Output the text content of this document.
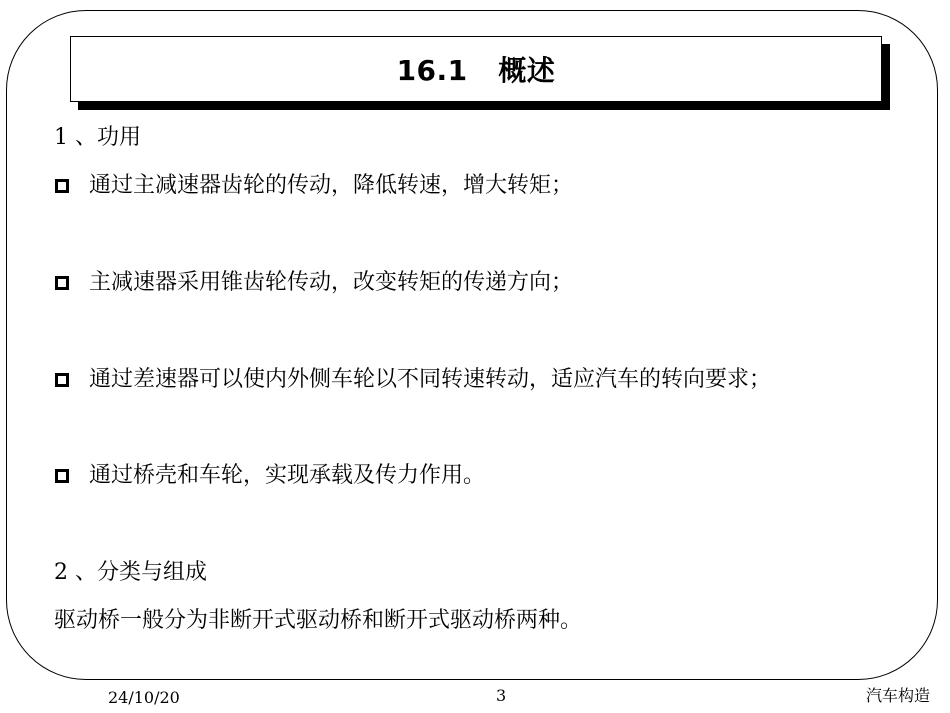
16.1   概述
1 、功用
通过主减速器齿轮的传动，降低转速，增大转矩；
主减速器采用锥齿轮传动，改变转矩的传递方向；
通过差速器可以使内外侧车轮以不同转速转动，适应汽车的转向要求；
通过桥壳和车轮，实现承载及传力作用。
2 、分类与组成
驱动桥一般分为非断开式驱动桥和断开式驱动桥两种。
24/10/20	3	汽车构造
